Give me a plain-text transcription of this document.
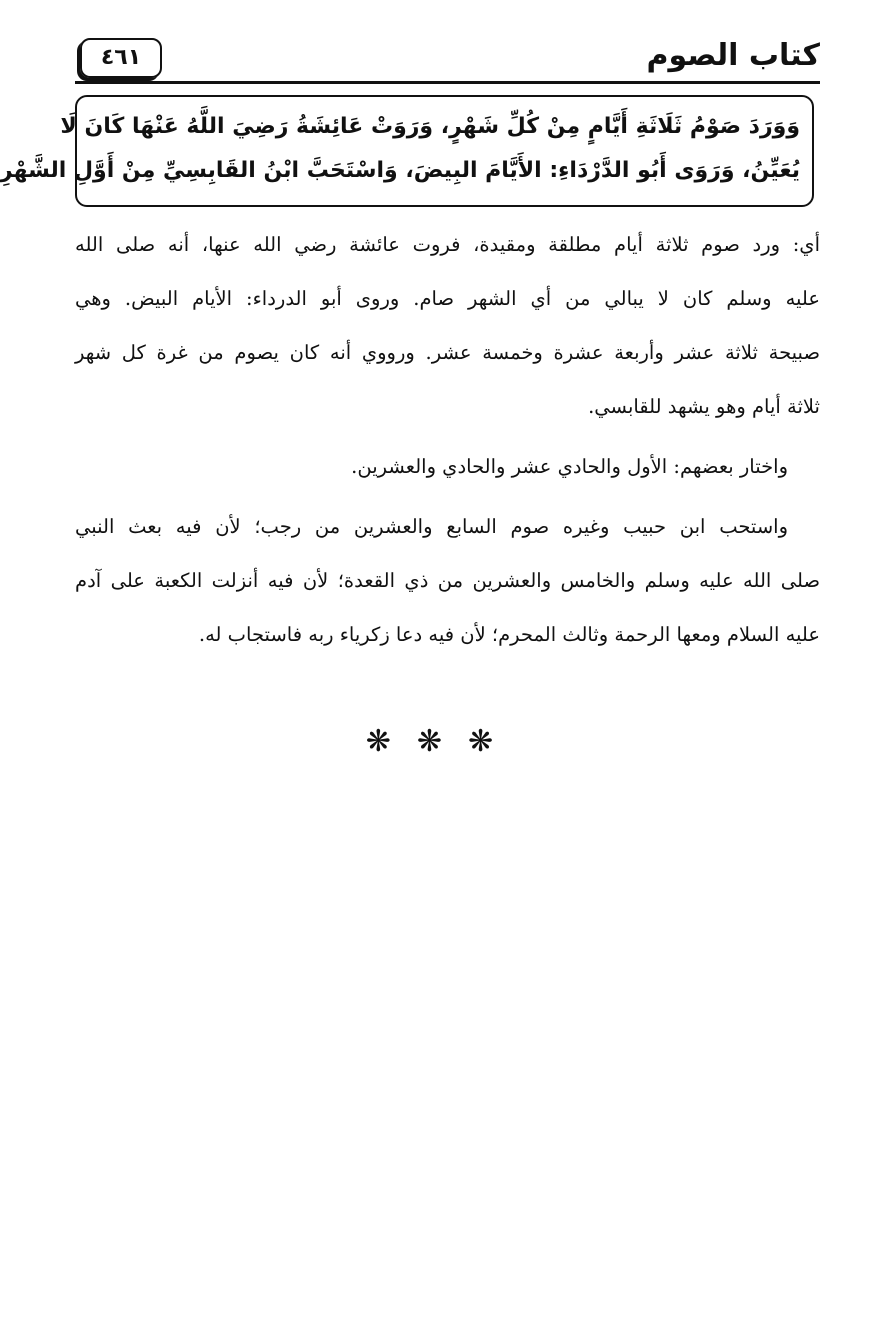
كتاب الصوم
٤٦١
وَوَرَدَ صَوْمُ ثَلَاثَةِ أَيَّامٍ مِنْ كُلِّ شَهْرٍ، وَرَوَتْ عَائِشَةُ رَضِيَ اللَّهُ عَنْهَا كَانَ لَا
يُعَيِّنُ، وَرَوَى أَبُو الدَّرْدَاءِ: الأَيَّامَ البِيضَ، وَاسْتَحَبَّ ابْنُ القَابِسِيِّ مِنْ أَوَّلِ الشَّهْرِ
أي: ورد صوم ثلاثة أيام مطلقة ومقيدة، فروت عائشة رضي الله عنها، أنه صلى الله
عليه وسلم كان لا يبالي من أي الشهر صام. وروى أبو الدرداء: الأيام البيض. وهي
صبيحة ثلاثة عشر وأربعة عشرة وخمسة عشر. ورووي أنه كان يصوم من غرة كل شهر
ثلاثة أيام وهو يشهد للقابسي.
واختار بعضهم: الأول والحادي عشر والحادي والعشرين.
واستحب ابن حبيب وغيره صوم السابع والعشرين من رجب؛ لأن فيه بعث النبي
صلى الله عليه وسلم والخامس والعشرين من ذي القعدة؛ لأن فيه أنزلت الكعبة على آدم
عليه السلام ومعها الرحمة وثالث المحرم؛ لأن فيه دعا زكرياء ربه فاستجاب له.
❋❋❋
